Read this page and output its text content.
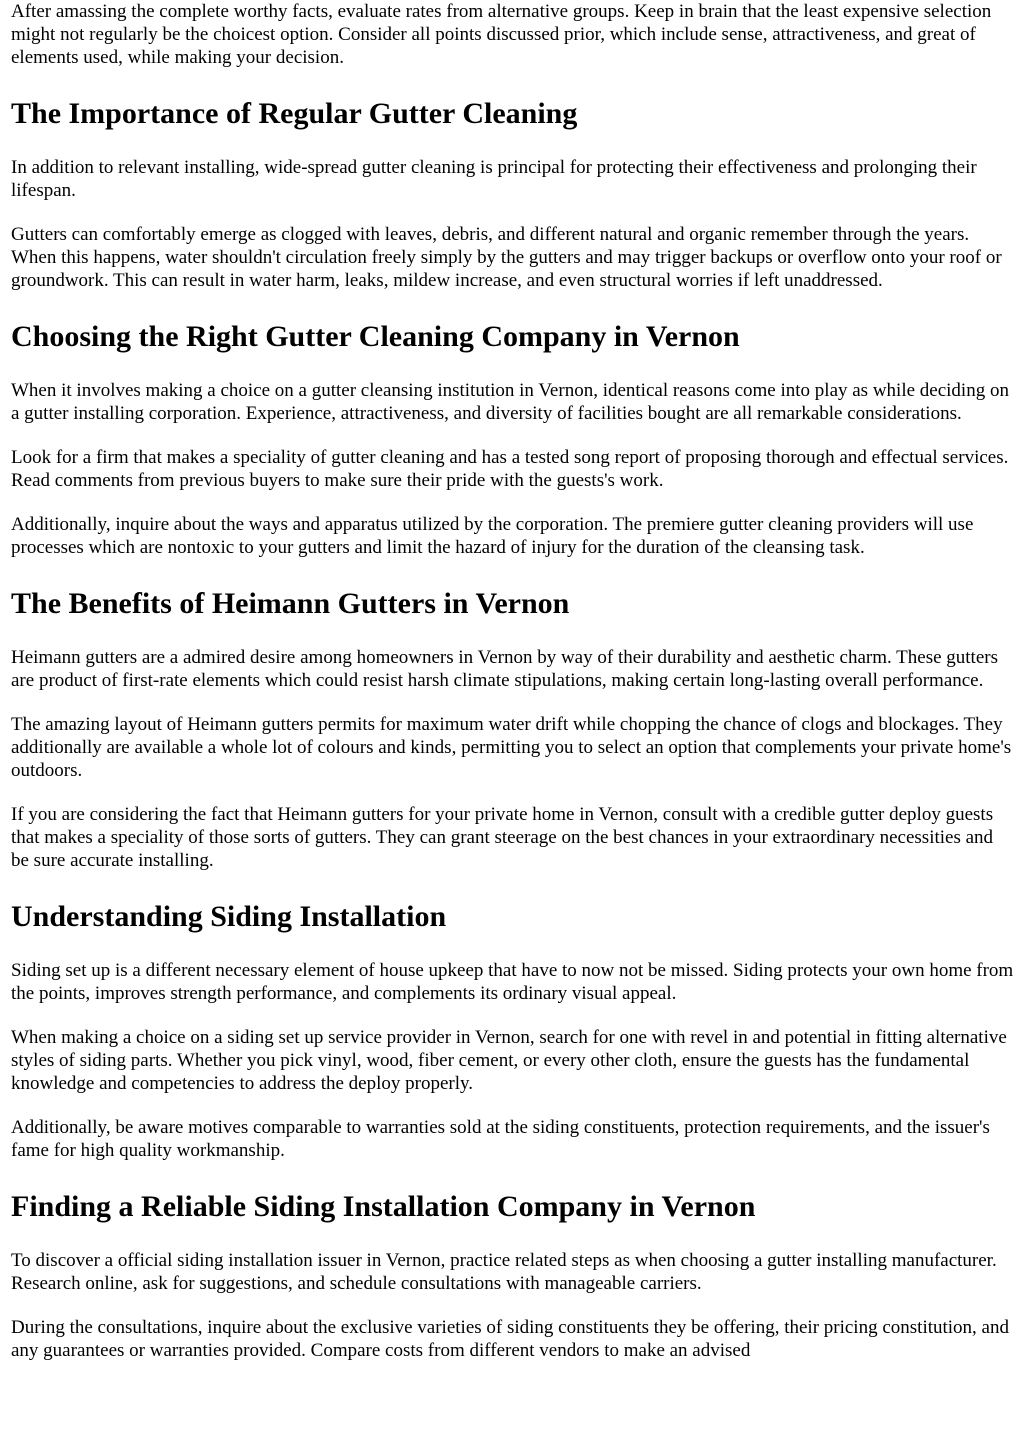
After amassing the complete worthy facts, evaluate rates from alternative groups. Keep in brain that the least expensive selection might not regularly be the choicest option. Consider all points discussed prior, which include sense, attractiveness, and great of elements used, while making your decision.

The Importance of Regular Gutter Cleaning

In addition to relevant installing, wide-spread gutter cleaning is principal for protecting their effectiveness and prolonging their lifespan.

Gutters can comfortably emerge as clogged with leaves, debris, and different natural and organic remember through the years. When this happens, water shouldn't circulation freely simply by the gutters and may trigger backups or overflow onto your roof or groundwork. This can result in water harm, leaks, mildew increase, and even structural worries if left unaddressed.

Choosing the Right Gutter Cleaning Company in Vernon

When it involves making a choice on a gutter cleansing institution in Vernon, identical reasons come into play as while deciding on a gutter installing corporation. Experience, attractiveness, and diversity of facilities bought are all remarkable considerations.

Look for a firm that makes a speciality of gutter cleaning and has a tested song report of proposing thorough and effectual services. Read comments from previous buyers to make sure their pride with the guests's work.

Additionally, inquire about the ways and apparatus utilized by the corporation. The premiere gutter cleaning providers will use processes which are nontoxic to your gutters and limit the hazard of injury for the duration of the cleansing task.

The Benefits of Heimann Gutters in Vernon

Heimann gutters are a admired desire among homeowners in Vernon by way of their durability and aesthetic charm. These gutters are product of first-rate elements which could resist harsh climate stipulations, making certain long-lasting overall performance.

The amazing layout of Heimann gutters permits for maximum water drift while chopping the chance of clogs and blockages. They additionally are available a whole lot of colours and kinds, permitting you to select an option that complements your private home's outdoors.

If you are considering the fact that Heimann gutters for your private home in Vernon, consult with a credible gutter deploy guests that makes a speciality of those sorts of gutters. They can grant steerage on the best chances in your extraordinary necessities and be sure accurate installing.

Understanding Siding Installation

Siding set up is a different necessary element of house upkeep that have to now not be missed. Siding protects your own home from the points, improves strength performance, and complements its ordinary visual appeal.

When making a choice on a siding set up service provider in Vernon, search for one with revel in and potential in fitting alternative styles of siding parts. Whether you pick vinyl, wood, fiber cement, or every other cloth, ensure the guests has the fundamental knowledge and competencies to address the deploy properly.

Additionally, be aware motives comparable to warranties sold at the siding constituents, protection requirements, and the issuer's fame for high quality workmanship.

Finding a Reliable Siding Installation Company in Vernon

To discover a official siding installation issuer in Vernon, practice related steps as when choosing a gutter installing manufacturer. Research online, ask for suggestions, and schedule consultations with manageable carriers.

During the consultations, inquire about the exclusive varieties of siding constituents they be offering, their pricing constitution, and any guarantees or warranties provided. Compare costs from different vendors to make an advised
